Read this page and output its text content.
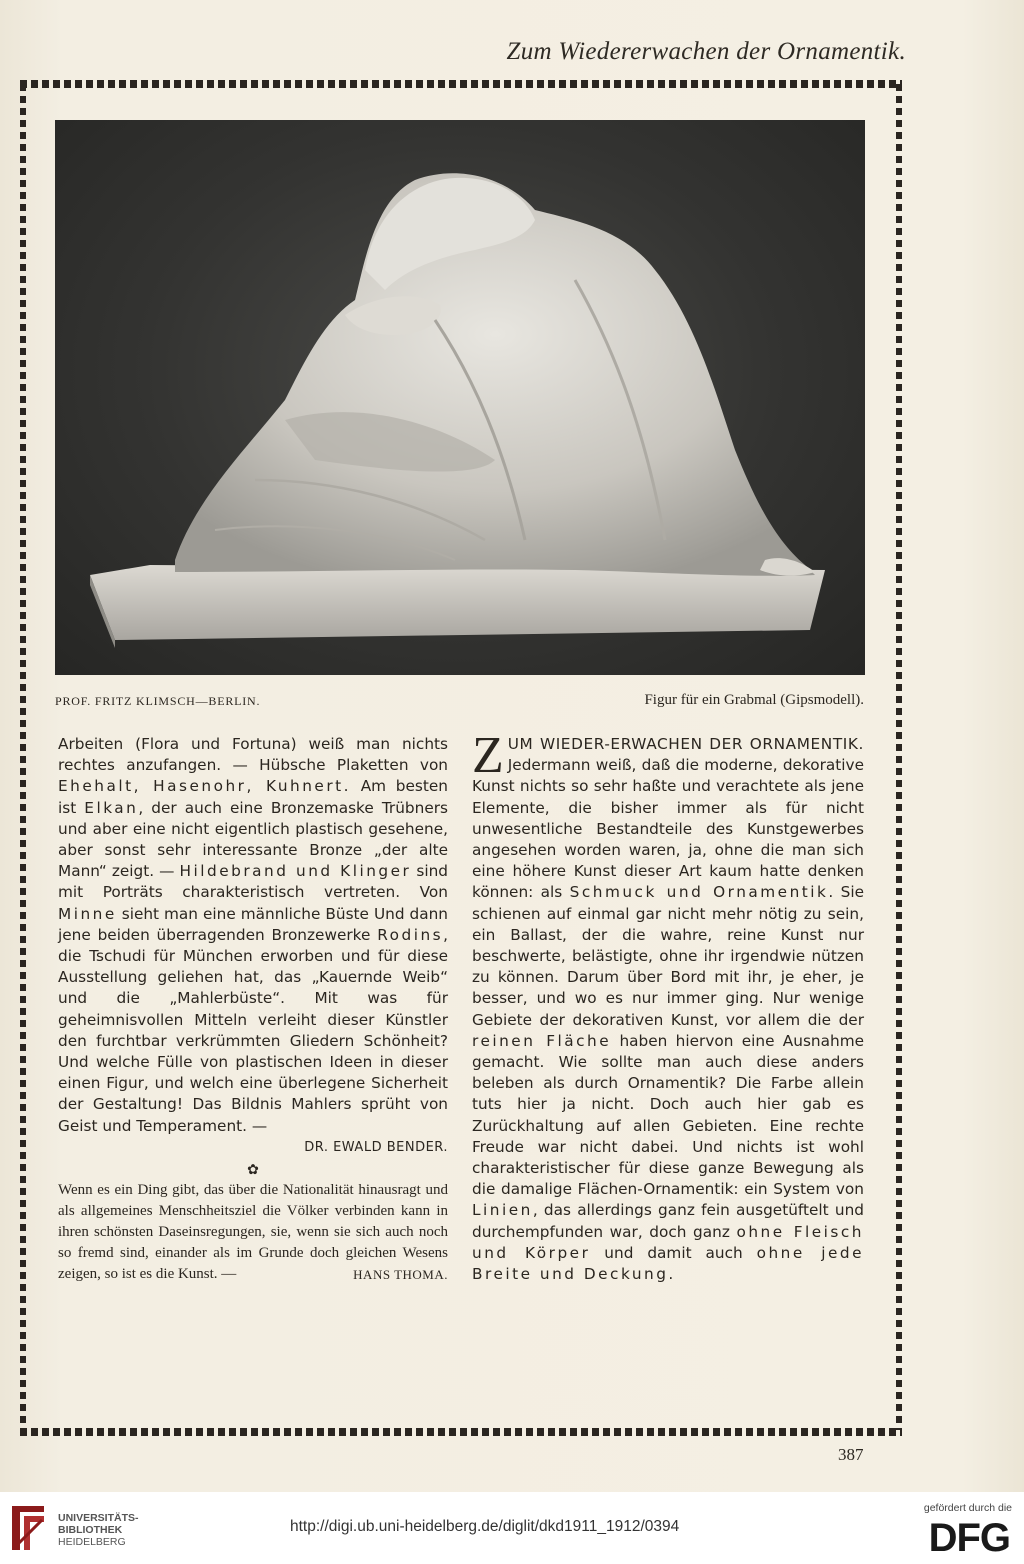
Zum Wiedererwachen der Ornamentik.
PROF. FRITZ KLIMSCH—BERLIN.	Figur für ein Grabmal (Gipsmodell).

Arbeiten (Flora und Fortuna) weiß man nichts rechtes anzufangen. — Hübsche Plaketten von Ehehalt, Hasenohr, Kuhnert. Am besten ist Elkan, der auch eine Bronzemaske Trübners und aber eine nicht eigentlich plastisch gesehene, aber sonst sehr interessante Bronze „der alte Mann“ zeigt. — Hildebrand und Klinger sind mit Porträts charakteristisch vertreten. Von Minne sieht man eine männliche Büste Und dann jene beiden überragenden Bronzewerke Rodins, die Tschudi für München erworben und für diese Ausstellung geliehen hat, das „Kauernde Weib“ und die „Mahlerbüste“. Mit was für geheimnisvollen Mitteln verleiht dieser Künstler den furchtbar verkrümmten Gliedern Schönheit? Und welche Fülle von plastischen Ideen in dieser einen Figur, und welch eine überlegene Sicherheit der Gestaltung! Das Bildnis Mahlers sprüht von Geist und Temperament. —

DR. EWALD BENDER.
✿

Wenn es ein Ding gibt, das über die Nationalität hinausragt und als allgemeines Menschheitsziel die Völker verbinden kann in ihren schönsten Daseinsregungen, sie, wenn sie sich auch noch so fremd sind, einander als im Grunde doch gleichen Wesens zeigen, so ist es die Kunst. —	HANS THOMA.

ZUM WIEDER-ERWACHEN DER ORNAMENTIK. Jedermann weiß, daß die moderne, dekorative Kunst nichts so sehr haßte und verachtete als jene Elemente, die bisher immer als für nicht unwesentliche Bestandteile des Kunstgewerbes angesehen worden waren, ja, ohne die man sich eine höhere Kunst dieser Art kaum hatte denken können: als Schmuck und Ornamentik. Sie schienen auf einmal gar nicht mehr nötig zu sein, ein Ballast, der die wahre, reine Kunst nur beschwerte, belästigte, ohne ihr irgendwie nützen zu können. Darum über Bord mit ihr, je eher, je besser, und wo es nur immer ging. Nur wenige Gebiete der dekorativen Kunst, vor allem die der reinen Fläche haben hiervon eine Ausnahme gemacht. Wie sollte man auch diese anders beleben als durch Ornamentik? Die Farbe allein tuts hier ja nicht. Doch auch hier gab es Zurückhaltung auf allen Gebieten. Eine rechte Freude war nicht dabei. Und nichts ist wohl charakteristischer für diese ganze Bewegung als die damalige Flächen-Ornamentik: ein System von Linien, das allerdings ganz fein ausgetüftelt und durchempfunden war, doch ganz ohne Fleisch und Körper und damit auch ohne jede Breite und Deckung.

UNIVERSITÄTS-
BIBLIOTHEK
HEIDELBERG
http://digi.ub.uni-heidelberg.de/diglit/dkd1911_1912/0394
gefördert durch die
DFG
387
